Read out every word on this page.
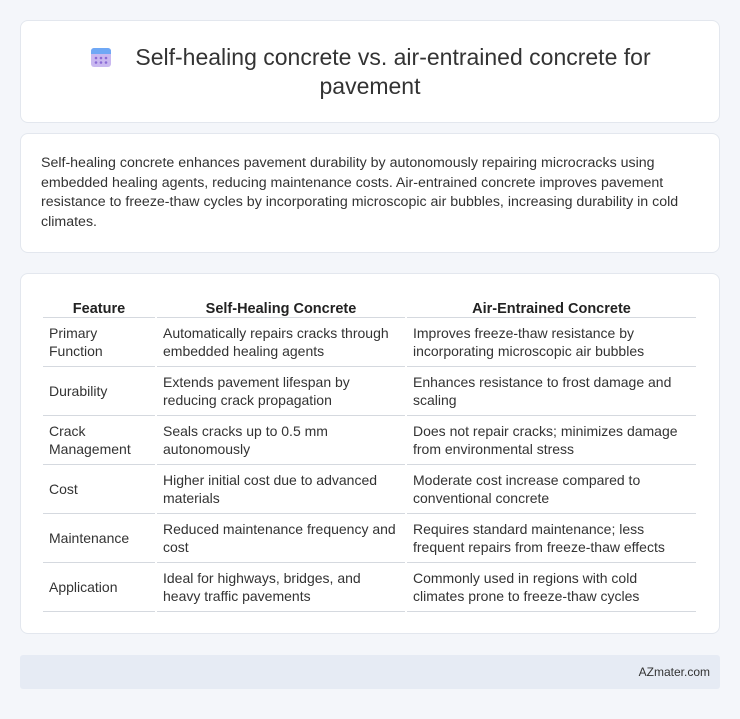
Self-healing concrete vs. air-entrained concrete for pavement

Self-healing concrete enhances pavement durability by autonomously repairing microcracks using embedded healing agents, reducing maintenance costs. Air-entrained concrete improves pavement resistance to freeze-thaw cycles by incorporating microscopic air bubbles, increasing durability in cold climates.

Feature	Self-Healing Concrete	Air-Entrained Concrete
Primary Function	Automatically repairs cracks through embedded healing agents	Improves freeze-thaw resistance by incorporating microscopic air bubbles
Durability	Extends pavement lifespan by reducing crack propagation	Enhances resistance to frost damage and scaling
Crack Management	Seals cracks up to 0.5 mm autonomously	Does not repair cracks; minimizes damage from environmental stress
Cost	Higher initial cost due to advanced materials	Moderate cost increase compared to conventional concrete
Maintenance	Reduced maintenance frequency and cost	Requires standard maintenance; less frequent repairs from freeze-thaw effects
Application	Ideal for highways, bridges, and heavy traffic pavements	Commonly used in regions with cold climates prone to freeze-thaw cycles
AZmater.com
